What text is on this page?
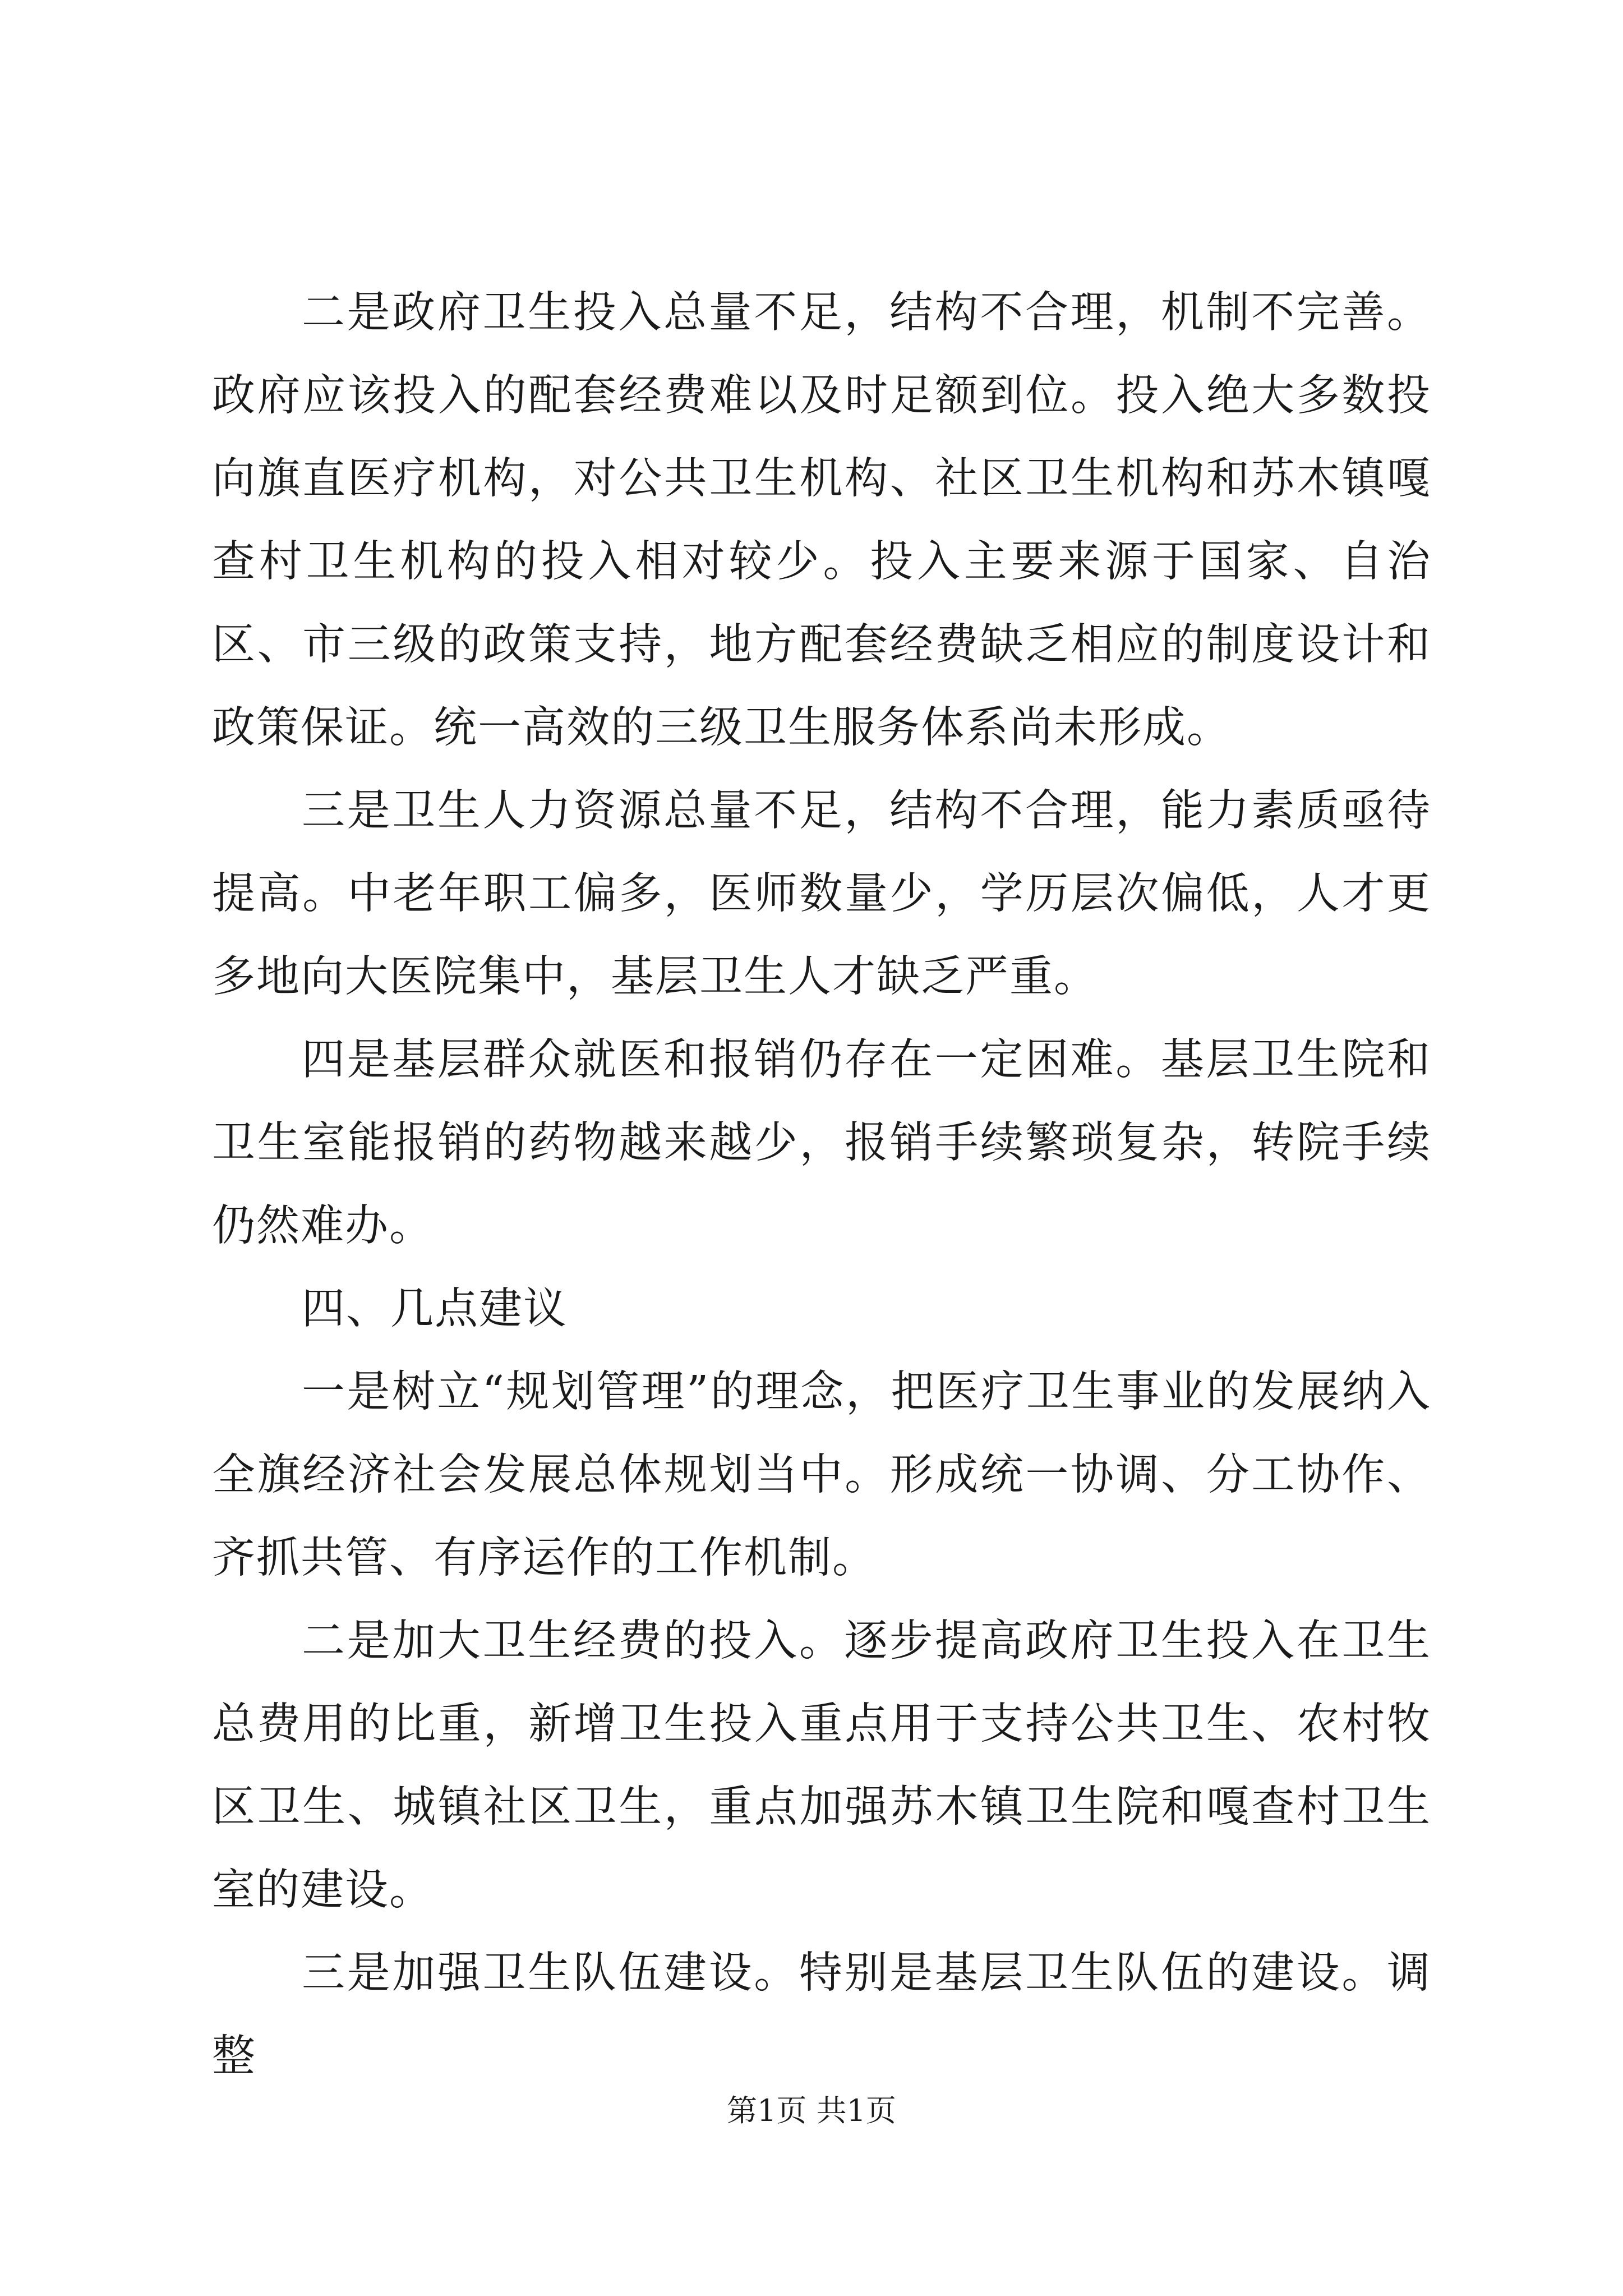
二是政府卫生投入总量不足，结构不合理，机制不完善。政府应该投入的配套经费难以及时足额到位。投入绝大多数投向旗直医疗机构，对公共卫生机构、社区卫生机构和苏木镇嘎查村卫生机构的投入相对较少。投入主要来源于国家、自治区、市三级的政策支持，地方配套经费缺乏相应的制度设计和政策保证。统一高效的三级卫生服务体系尚未形成。

三是卫生人力资源总量不足，结构不合理，能力素质亟待提高。中老年职工偏多，医师数量少，学历层次偏低，人才更多地向大医院集中，基层卫生人才缺乏严重。

四是基层群众就医和报销仍存在一定困难。基层卫生院和卫生室能报销的药物越来越少，报销手续繁琐复杂，转院手续仍然难办。

四、几点建议

一是树立“规划管理”的理念，把医疗卫生事业的发展纳入全旗经济社会发展总体规划当中。形成统一协调、分工协作、齐抓共管、有序运作的工作机制。

二是加大卫生经费的投入。逐步提高政府卫生投入在卫生总费用的比重，新增卫生投入重点用于支持公共卫生、农村牧区卫生、城镇社区卫生，重点加强苏木镇卫生院和嘎查村卫生室的建设。

三是加强卫生队伍建设。特别是基层卫生队伍的建设。调整

第1页 共1页
